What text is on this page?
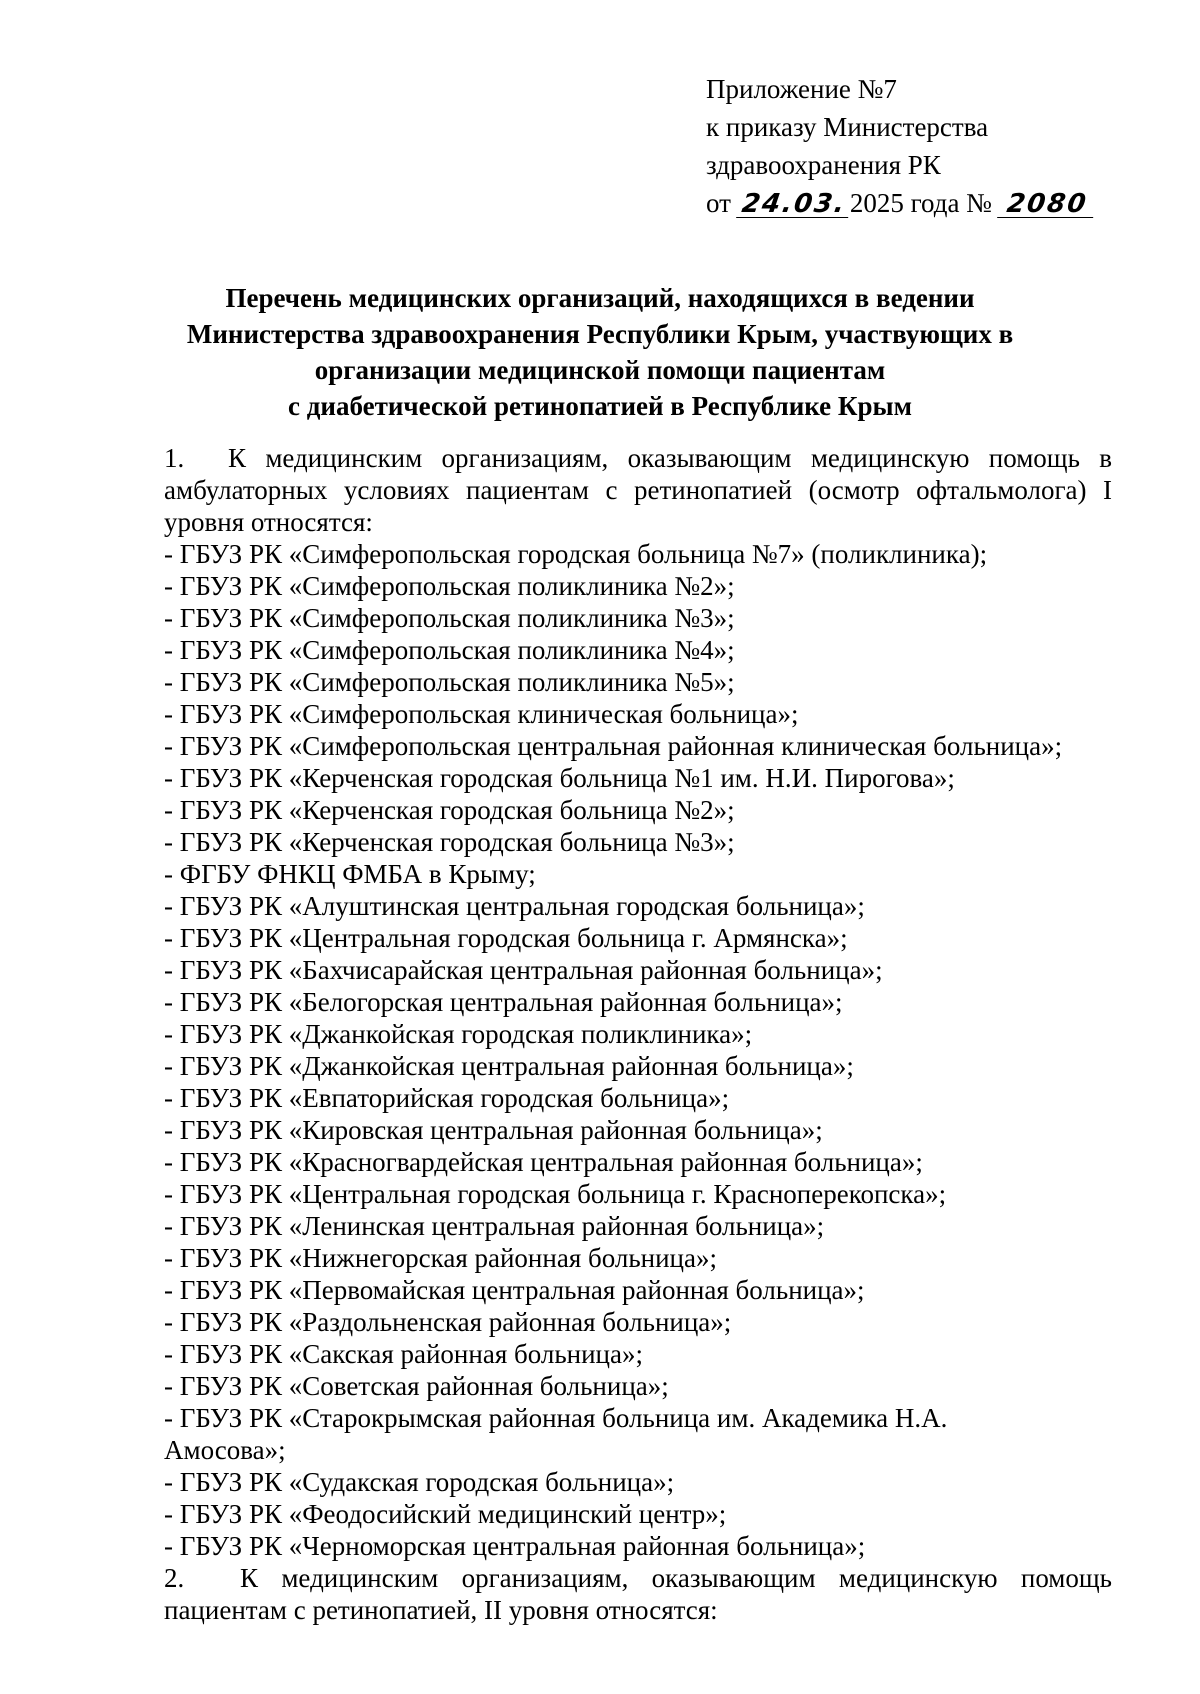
Приложение №7
к приказу Министерства
здравоохранения РК
от 24.03.2025 года № 2080
Перечень медицинских организаций, находящихся в ведении
Министерства здравоохранения Республики Крым, участвующих в
организации медицинской помощи пациентам
с диабетической ретинопатией в Республике Крым
1. К медицинским организациям, оказывающим медицинскую помощь в амбулаторных условиях пациентам с ретинопатией (осмотр офтальмолога) I уровня относятся:
- ГБУЗ РК «Симферопольская городская больница №7» (поликлиника);
- ГБУЗ РК «Симферопольская поликлиника №2»;
- ГБУЗ РК «Симферопольская поликлиника №3»;
- ГБУЗ РК «Симферопольская поликлиника №4»;
- ГБУЗ РК «Симферопольская поликлиника №5»;
- ГБУЗ РК «Симферопольская клиническая больница»;
- ГБУЗ РК «Симферопольская центральная районная клиническая больница»;
- ГБУЗ РК «Керченская городская больница №1 им. Н.И. Пирогова»;
- ГБУЗ РК «Керченская городская больница №2»;
- ГБУЗ РК «Керченская городская больница №3»;
- ФГБУ ФНКЦ ФМБА в Крыму;
- ГБУЗ РК «Алуштинская центральная городская больница»;
- ГБУЗ РК «Центральная городская больница г. Армянска»;
- ГБУЗ РК «Бахчисарайская центральная районная больница»;
- ГБУЗ РК «Белогорская центральная районная больница»;
- ГБУЗ РК «Джанкойская городская поликлиника»;
- ГБУЗ РК «Джанкойская центральная районная больница»;
- ГБУЗ РК «Евпаторийская городская больница»;
- ГБУЗ РК «Кировская центральная районная больница»;
- ГБУЗ РК «Красногвардейская центральная районная больница»;
- ГБУЗ РК «Центральная городская больница г. Красноперекопска»;
- ГБУЗ РК «Ленинская центральная районная больница»;
- ГБУЗ РК «Нижнегорская районная больница»;
- ГБУЗ РК «Первомайская центральная районная больница»;
- ГБУЗ РК «Раздольненская районная больница»;
- ГБУЗ РК «Сакская районная больница»;
- ГБУЗ РК «Советская районная больница»;
- ГБУЗ РК «Старокрымская районная больница им. Академика Н.А. Амосова»;
- ГБУЗ РК «Судакская городская больница»;
- ГБУЗ РК «Феодосийский медицинский центр»;
- ГБУЗ РК «Черноморская центральная районная больница»;
2. К медицинским организациям, оказывающим медицинскую помощь пациентам с ретинопатией, II уровня относятся:
